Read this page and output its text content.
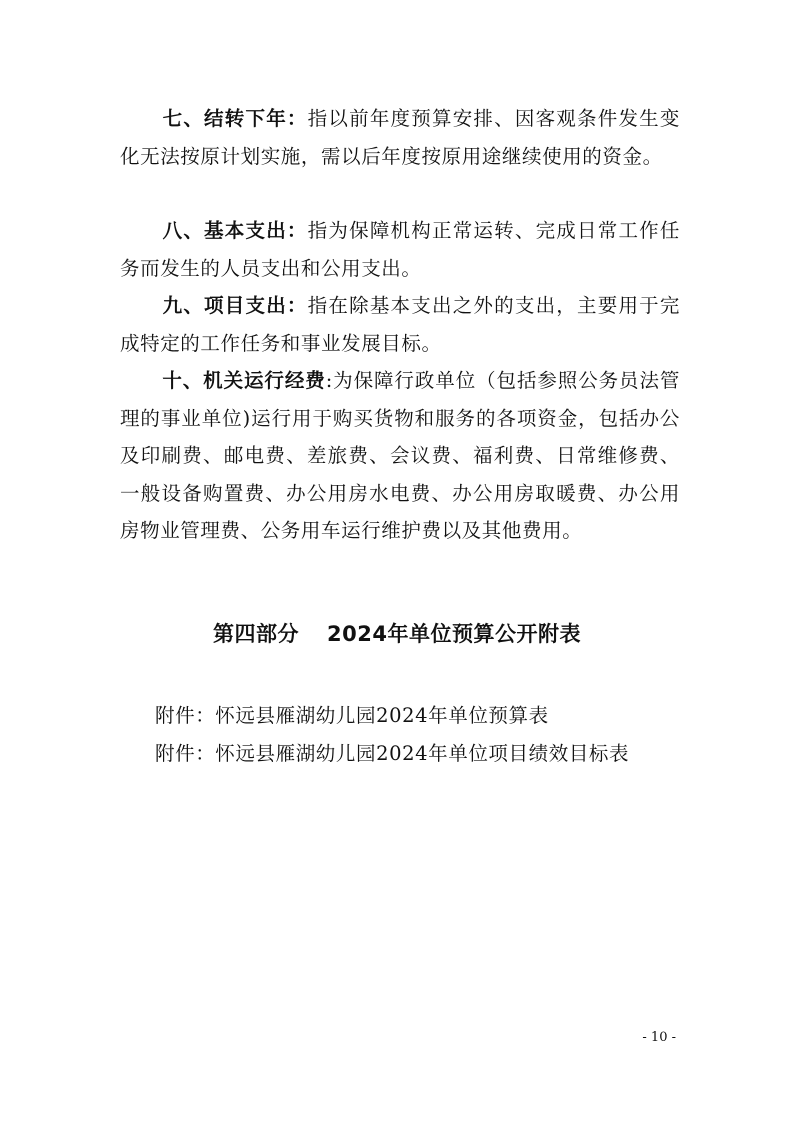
七、结转下年：指以前年度预算安排、因客观条件发生变化无法按原计划实施，需以后年度按原用途继续使用的资金。

八、基本支出：指为保障机构正常运转、完成日常工作任务而发生的人员支出和公用支出。

九、项目支出：指在除基本支出之外的支出，主要用于完成特定的工作任务和事业发展目标。

十、机关运行经费:为保障行政单位（包括参照公务员法管理的事业单位)运行用于购买货物和服务的各项资金，包括办公及印刷费、邮电费、差旅费、会议费、福利费、日常维修费、一般设备购置费、办公用房水电费、办公用房取暖费、办公用房物业管理费、公务用车运行维护费以及其他费用。

第四部分 2024年单位预算公开附表

附件：怀远县雁湖幼儿园2024年单位预算表

附件：怀远县雁湖幼儿园2024年单位项目绩效目标表

- 10 -
